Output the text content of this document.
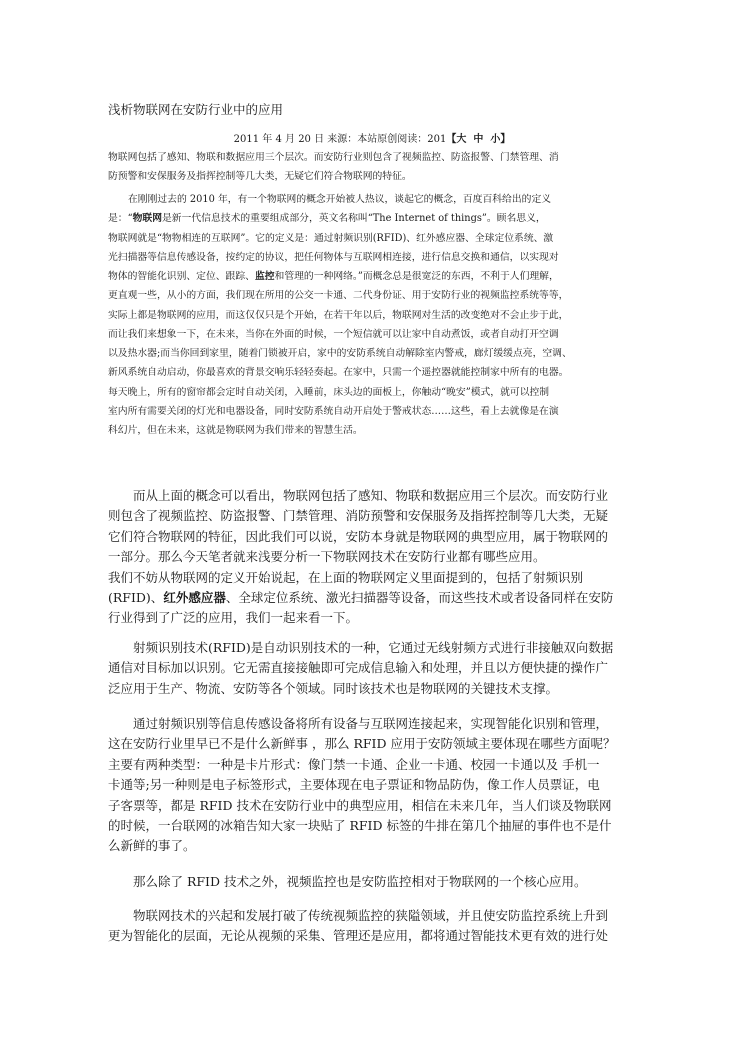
浅析物联网在安防行业中的应用
2011 年 4 月 20 日 来源：本站原创阅读：201【大 中 小】
物联网包括了感知、物联和数据应用三个层次。而安防行业则包含了视频监控、防盗报警、门禁管理、消
防预警和安保服务及指挥控制等几大类，无疑它们符合物联网的特征。
在刚刚过去的 2010 年，有一个物联网的概念开始被人热议，谈起它的概念，百度百科给出的定义
是：“物联网是新一代信息技术的重要组成部分，英文名称叫“The Internet of things”。顾名思义，
物联网就是“物物相连的互联网”。它的定义是：通过射频识别(RFID)、红外感应器、全球定位系统、激
光扫描器等信息传感设备，按约定的协议，把任何物体与互联网相连接，进行信息交换和通信，以实现对
物体的智能化识别、定位、跟踪、监控和管理的一种网络。”而概念总是很宽泛的东西，不利于人们理解，
更直观一些，从小的方面，我们现在所用的公交一卡通、二代身份证、用于安防行业的视频监控系统等等，
实际上都是物联网的应用，而这仅仅只是个开始，在若干年以后，物联网对生活的改变绝对不会止步于此，
而让我们来想象一下，在未来，当你在外面的时候，一个短信就可以让家中自动煮饭，或者自动打开空调
以及热水器;而当你回到家里，随着门锁被开启，家中的安防系统自动解除室内警戒，廊灯缓缓点亮，空调、
新风系统自动启动，你最喜欢的背景交响乐轻轻奏起。在家中，只需一个遥控器就能控制家中所有的电器。
每天晚上，所有的窗帘都会定时自动关闭，入睡前，床头边的面板上，你触动“晚安”模式，就可以控制
室内所有需要关闭的灯光和电器设备，同时安防系统自动开启处于警戒状态……这些，看上去就像是在演
科幻片，但在未来，这就是物联网为我们带来的智慧生活。
　　而从上面的概念可以看出，物联网包括了感知、物联和数据应用三个层次。而安防行业
则包含了视频监控、防盗报警、门禁管理、消防预警和安保服务及指挥控制等几大类，无疑
它们符合物联网的特征，因此我们可以说，安防本身就是物联网的典型应用，属于物联网的
一部分。那么今天笔者就来浅要分析一下物联网技术在安防行业都有哪些应用。
我们不妨从物联网的定义开始说起，在上面的物联网定义里面提到的，包括了射频识别
(RFID)、红外感应器、全球定位系统、激光扫描器等设备，而这些技术或者设备同样在安防
行业得到了广泛的应用，我们一起来看一下。
　　射频识别技术(RFID)是自动识别技术的一种，它通过无线射频方式进行非接触双向数据
通信对目标加以识别。它无需直接接触即可完成信息输入和处理，并且以方便快捷的操作广
泛应用于生产、物流、安防等各个领域。同时该技术也是物联网的关键技术支撑。
　　通过射频识别等信息传感设备将所有设备与互联网连接起来，实现智能化识别和管理，
这在安防行业里早已不是什么新鲜事 ，那么 RFID 应用于安防领域主要体现在哪些方面呢？
主要有两种类型：一种是卡片形式：像门禁一卡通、企业一卡通、校园一卡通以及 手机一
卡通等;另一种则是电子标签形式，主要体现在电子票证和物品防伪，像工作人员票证，电
子客票等，都是 RFID 技术在安防行业中的典型应用，相信在未来几年，当人们谈及物联网
的时候，一台联网的冰箱告知大家一块贴了 RFID 标签的牛排在第几个抽屉的事件也不是什
么新鲜的事了。
　　那么除了 RFID 技术之外，视频监控也是安防监控相对于物联网的一个核心应用。
　　物联网技术的兴起和发展打破了传统视频监控的狭隘领域，并且使安防监控系统上升到
更为智能化的层面，无论从视频的采集、管理还是应用，都将通过智能技术更有效的进行处
